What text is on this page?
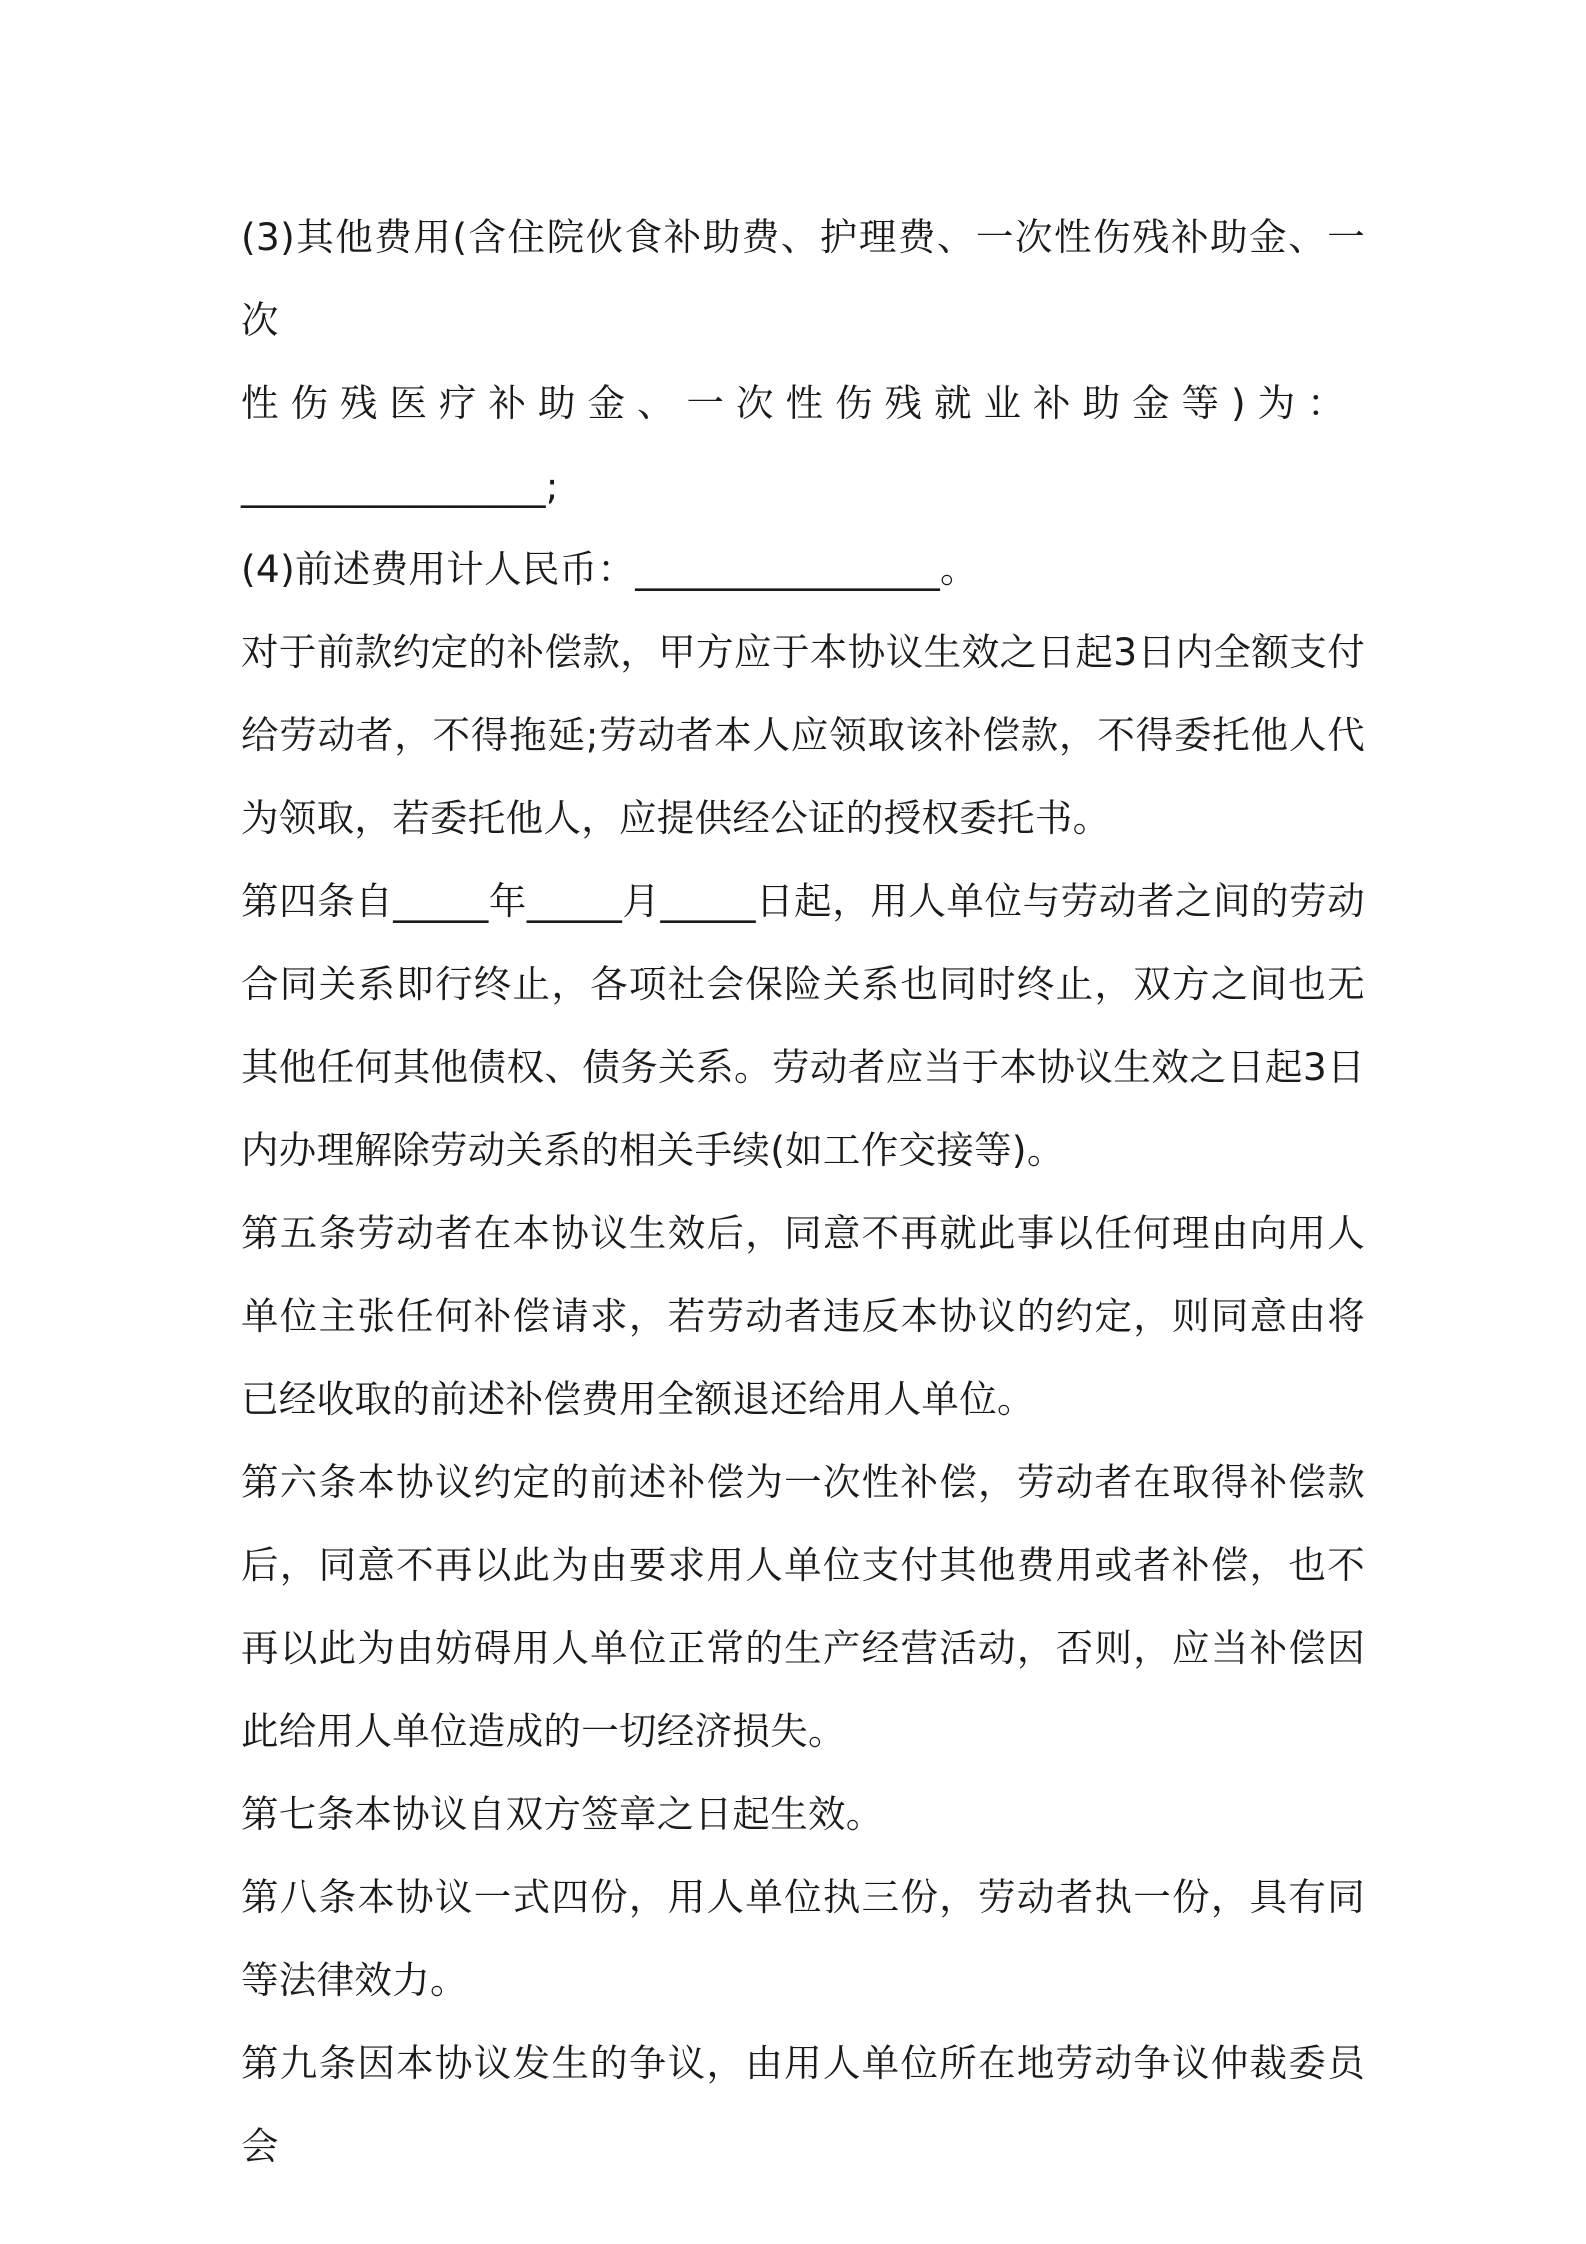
(3)其他费用(含住院伙食补助费、护理费、一次性伤残补助金、一次

性伤残医疗补助金、一次性伤残就业补助金等)为：

________________;

(4)前述费用计人民币：________________。

对于前款约定的补偿款，甲方应于本协议生效之日起3日内全额支付给劳动者，不得拖延;劳动者本人应领取该补偿款，不得委托他人代为领取，若委托他人，应提供经公证的授权委托书。

第四条自_____年_____月_____日起，用人单位与劳动者之间的劳动合同关系即行终止，各项社会保险关系也同时终止，双方之间也无其他任何其他债权、债务关系。劳动者应当于本协议生效之日起3日内办理解除劳动关系的相关手续(如工作交接等)。

第五条劳动者在本协议生效后，同意不再就此事以任何理由向用人单位主张任何补偿请求，若劳动者违反本协议的约定，则同意由将已经收取的前述补偿费用全额退还给用人单位。

第六条本协议约定的前述补偿为一次性补偿，劳动者在取得补偿款后，同意不再以此为由要求用人单位支付其他费用或者补偿，也不再以此为由妨碍用人单位正常的生产经营活动，否则，应当补偿因此给用人单位造成的一切经济损失。

第七条本协议自双方签章之日起生效。

第八条本协议一式四份，用人单位执三份，劳动者执一份，具有同等法律效力。

第九条因本协议发生的争议，由用人单位所在地劳动争议仲裁委员会
